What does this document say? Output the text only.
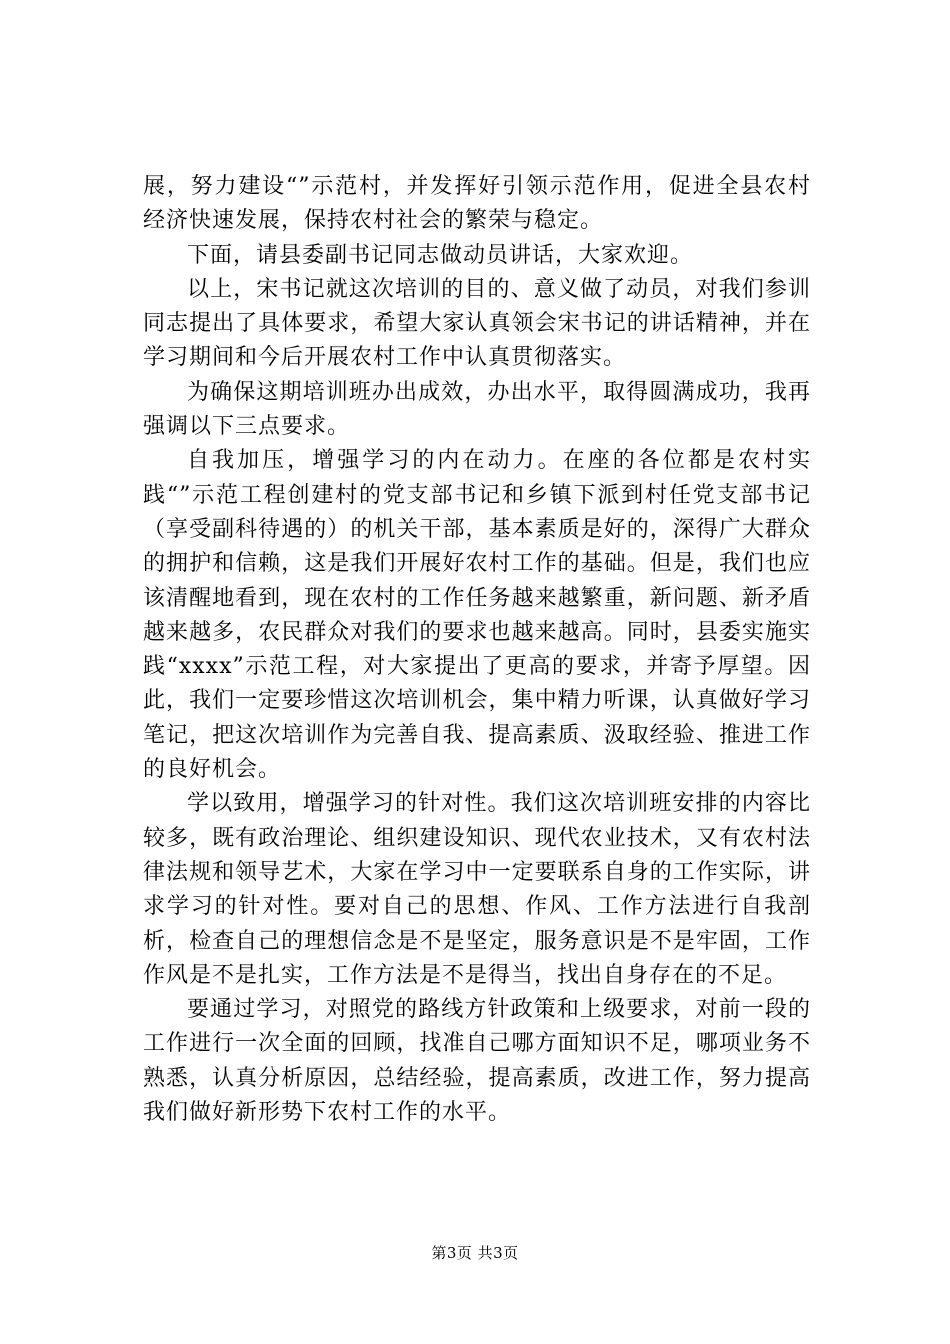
展，努力建设“”示范村，并发挥好引领示范作用，促进全县农村经济快速发展，保持农村社会的繁荣与稳定。

下面，请县委副书记同志做动员讲话，大家欢迎。

以上，宋书记就这次培训的目的、意义做了动员，对我们参训同志提出了具体要求，希望大家认真领会宋书记的讲话精神，并在学习期间和今后开展农村工作中认真贯彻落实。

为确保这期培训班办出成效，办出水平，取得圆满成功，我再强调以下三点要求。

自我加压，增强学习的内在动力。在座的各位都是农村实践“”示范工程创建村的党支部书记和乡镇下派到村任党支部书记（享受副科待遇的）的机关干部，基本素质是好的，深得广大群众的拥护和信赖，这是我们开展好农村工作的基础。但是，我们也应该清醒地看到，现在农村的工作任务越来越繁重，新问题、新矛盾越来越多，农民群众对我们的要求也越来越高。同时，县委实施实践“xxxx”示范工程，对大家提出了更高的要求，并寄予厚望。因此，我们一定要珍惜这次培训机会，集中精力听课，认真做好学习笔记，把这次培训作为完善自我、提高素质、汲取经验、推进工作的良好机会。

学以致用，增强学习的针对性。我们这次培训班安排的内容比较多，既有政治理论、组织建设知识、现代农业技术，又有农村法律法规和领导艺术，大家在学习中一定要联系自身的工作实际，讲求学习的针对性。要对自己的思想、作风、工作方法进行自我剖析，检查自己的理想信念是不是坚定，服务意识是不是牢固，工作作风是不是扎实，工作方法是不是得当，找出自身存在的不足。

要通过学习，对照党的路线方针政策和上级要求，对前一段的工作进行一次全面的回顾，找准自己哪方面知识不足，哪项业务不熟悉，认真分析原因，总结经验，提高素质，改进工作，努力提高我们做好新形势下农村工作的水平。

第3页 共3页
